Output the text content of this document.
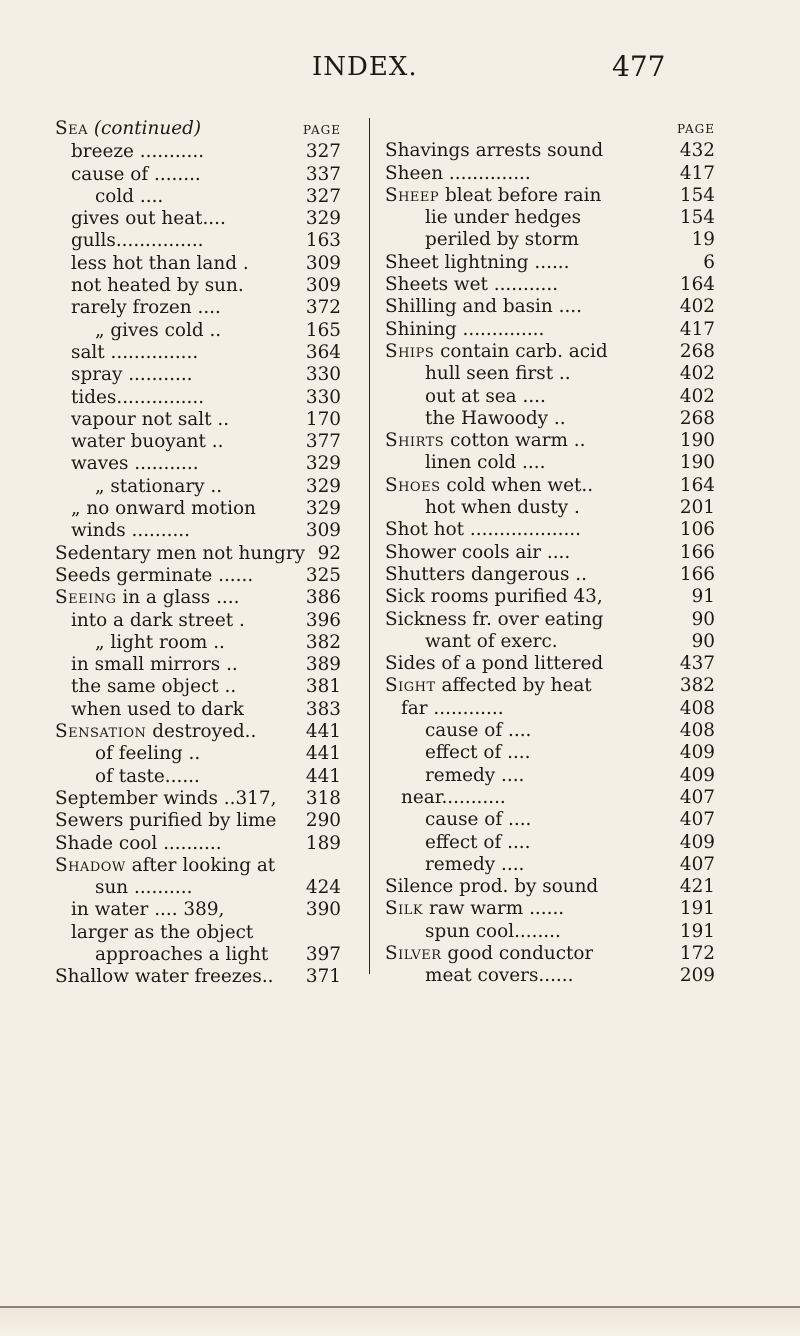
INDEX.	477
Sea (continued)	PAGE
breeze ...........	327
cause of ........	337
cold ....	327
gives out heat....	329
gulls...............	163
less hot than land .	309
not heated by sun.	309
rarely frozen ....	372
„ gives cold ..	165
salt ...............	364
spray ...........	330
tides...............	330
vapour not salt ..	170
water buoyant ..	377
waves ...........	329
„ stationary ..	329
„ no onward motion	329
winds ..........	309
Sedentary men not hungry 92
Seeds germinate ......	325
Seeing in a glass ....	386
into a dark street .	396
„ light room ..	382
in small mirrors ..	389
the same object ..	381
when used to dark	383
Sensation destroyed..	441
of feeling ..	441
of taste......	441
September winds ..317, 318
Sewers purified by lime 290
Shade cool ..........	189
Shadow after looking at
sun ..........	424
in water .... 389,	390
larger as the object
approaches a light 397
Shallow water freezes.. 371
PAGE
Shavings arrests sound	432
Sheen ..............	417
Sheep bleat before rain	154
lie under hedges	154
periled by storm	19
Sheet lightning ......	6
Sheets wet ...........	164
Shilling and basin ....	402
Shining ..............	417
Ships contain carb. acid	268
hull seen first ..	402
out at sea ....	402
the Hawoody ..	268
Shirts cotton warm ..	190
linen cold ....	190
Shoes cold when wet..	164
hot when dusty .	201
Shot hot ...................	106
Shower cools air ....	166
Shutters dangerous ..	166
Sick rooms purified 43,	91
Sickness fr. over eating	90
want of exerc.	90
Sides of a pond littered	437
Sight affected by heat	382
far ............	408
cause of ....	408
effect of ....	409
remedy ....	409
near...........	407
cause of ....	407
effect of ....	409
remedy ....	407
Silence prod. by sound	421
Silk raw warm ......	191
spun cool........	191
Silver good conductor	172
meat covers......	209
